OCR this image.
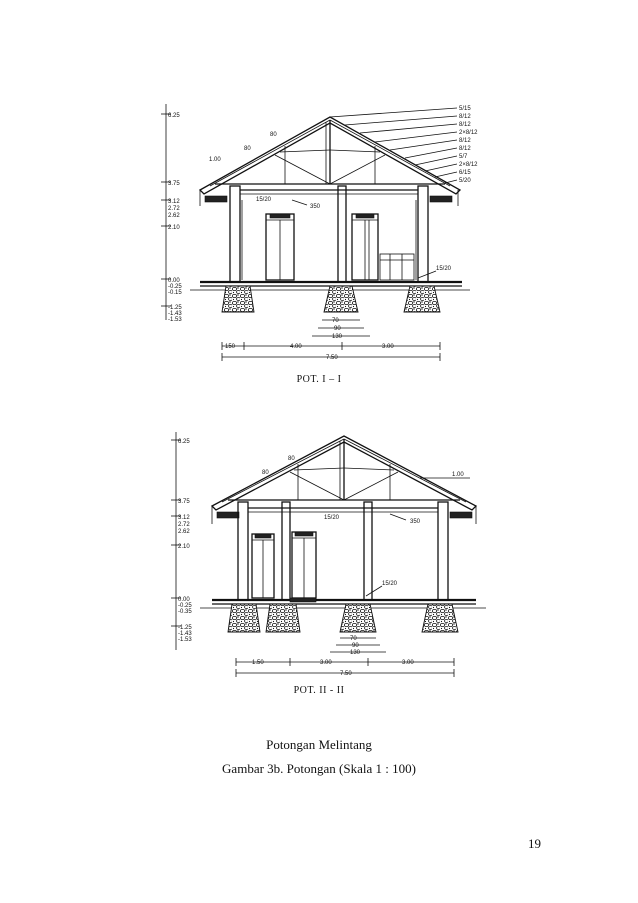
6.25
3.75
3.12
2.72
2.62
2.10
0.00
-0.25
-0.15
-1.25
-1.43
-1.53
1.00
80
80
5/15
8/12
8/12
2×8/12
8/12
8/12
5/7
2×8/12
6/15
5/20
15/20
350
15/20
70
90
130
150	4.00	3.00
7.50
6.25
3.75
3.12
2.72
2.62
2.10
0.00
-0.25
-0.35
-1.25
-1.43
-1.53
80
80
1.00
15/20
350
15/20
70
90
130
1.50	3.00	3.00
7.50
POT. I – I
POT. II - II
Potongan Melintang
Gambar 3b. Potongan (Skala 1 : 100)
19
